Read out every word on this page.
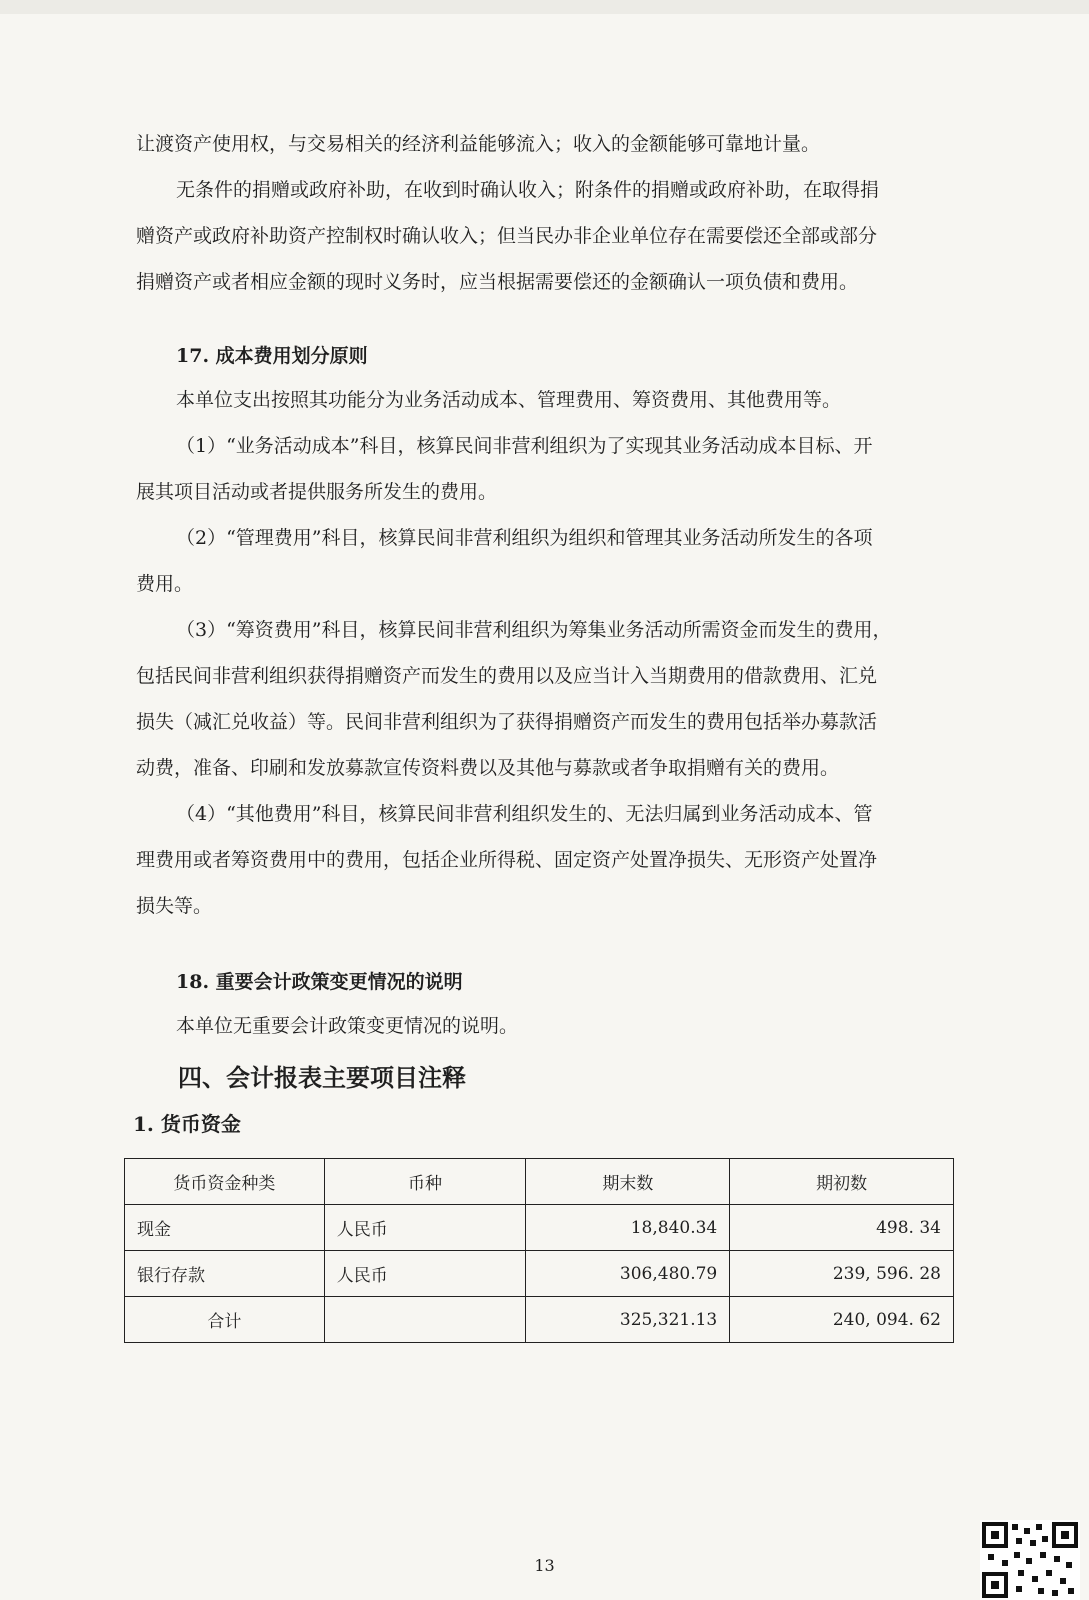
让渡资产使用权，与交易相关的经济利益能够流入；收入的金额能够可靠地计量。
无条件的捐赠或政府补助，在收到时确认收入；附条件的捐赠或政府补助，在取得捐
赠资产或政府补助资产控制权时确认收入；但当民办非企业单位存在需要偿还全部或部分
捐赠资产或者相应金额的现时义务时，应当根据需要偿还的金额确认一项负债和费用。
17. 成本费用划分原则
本单位支出按照其功能分为业务活动成本、管理费用、筹资费用、其他费用等。
（1）“业务活动成本”科目，核算民间非营利组织为了实现其业务活动成本目标、开
展其项目活动或者提供服务所发生的费用。
（2）“管理费用”科目，核算民间非营利组织为组织和管理其业务活动所发生的各项
费用。
（3）“筹资费用”科目，核算民间非营利组织为筹集业务活动所需资金而发生的费用，
包括民间非营利组织获得捐赠资产而发生的费用以及应当计入当期费用的借款费用、汇兑
损失（减汇兑收益）等。民间非营利组织为了获得捐赠资产而发生的费用包括举办募款活
动费，准备、印刷和发放募款宣传资料费以及其他与募款或者争取捐赠有关的费用。
（4）“其他费用”科目，核算民间非营利组织发生的、无法归属到业务活动成本、管
理费用或者筹资费用中的费用，包括企业所得税、固定资产处置净损失、无形资产处置净
损失等。
18. 重要会计政策变更情况的说明
本单位无重要会计政策变更情况的说明。
四、会计报表主要项目注释
1. 货币资金
货币资金种类	币种	期末数	期初数
现金	人民币	18,840.34	498. 34
银行存款	人民币	306,480.79	239, 596. 28
合计		325,321.13	240, 094. 62
13
